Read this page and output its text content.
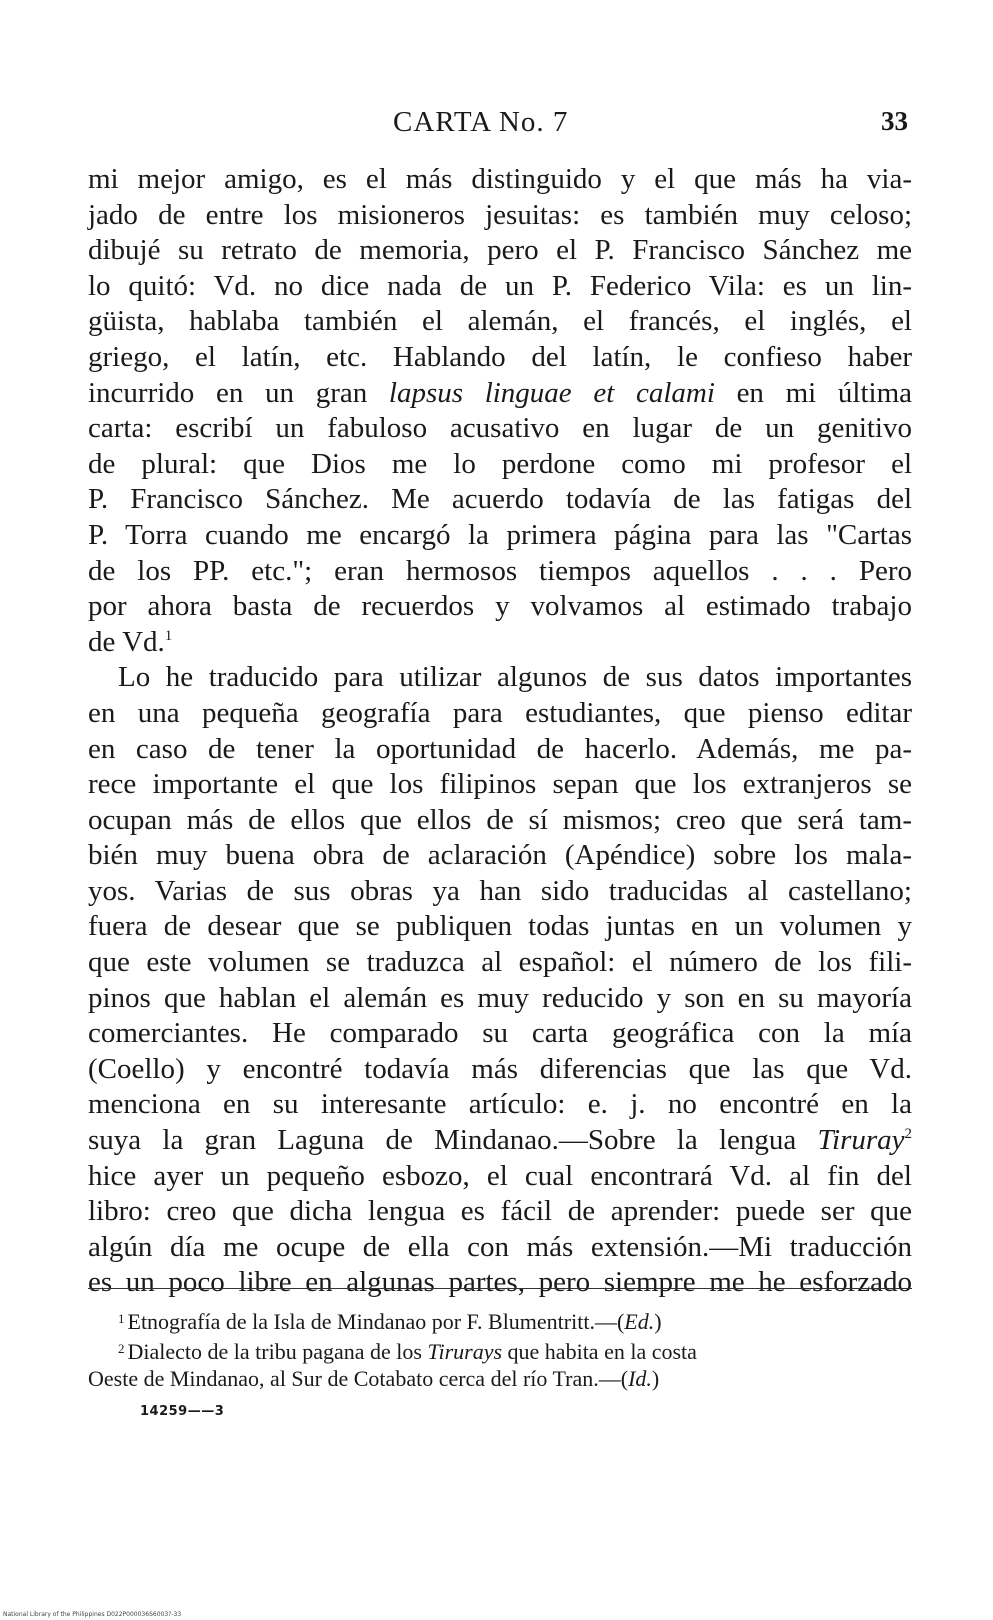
CARTA No. 7	33
mi mejor amigo, es el más distinguido y el que más ha via-
jado de entre los misioneros jesuitas: es también muy celoso;
dibujé su retrato de memoria, pero el P. Francisco Sánchez me
lo quitó: Vd. no dice nada de un P. Federico Vila: es un lin-
güista, hablaba también el alemán, el francés, el inglés, el
griego, el latín, etc. Hablando del latín, le confieso haber
incurrido en un gran lapsus linguae et calami en mi última
carta: escribí un fabuloso acusativo en lugar de un genitivo
de plural: que Dios me lo perdone como mi profesor el
P. Francisco Sánchez. Me acuerdo todavía de las fatigas del
P. Torra cuando me encargó la primera página para las "Cartas
de los PP. etc."; eran hermosos tiempos aquellos . . . Pero
por ahora basta de recuerdos y volvamos al estimado trabajo
de Vd.$^1$
Lo he traducido para utilizar algunos de sus datos importantes
en una pequeña geografía para estudiantes, que pienso editar
en caso de tener la oportunidad de hacerlo. Además, me pa-
rece importante el que los filipinos sepan que los extranjeros se
ocupan más de ellos que ellos de sí mismos; creo que será tam-
bién muy buena obra de aclaración (Apéndice) sobre los mala-
yos. Varias de sus obras ya han sido traducidas al castellano;
fuera de desear que se publiquen todas juntas en un volumen y
que este volumen se traduzca al español: el número de los fili-
pinos que hablan el alemán es muy reducido y son en su mayoría
comerciantes. He comparado su carta geográfica con la mía
(Coello) y encontré todavía más diferencias que las que Vd.
menciona en su interesante artículo: e. j. no encontré en la
suya la gran Laguna de Mindanao.—Sobre la lengua Tiruray$^2$
hice ayer un pequeño esbozo, el cual encontrará Vd. al fin del
libro: creo que dicha lengua es fácil de aprender: puede ser que
algún día me ocupe de ella con más extensión.—Mi traducción
es un poco libre en algunas partes, pero siempre me he esforzado
$^1$ Etnografía de la Isla de Mindanao por F. Blumentritt.—(Ed.)
$^2$ Dialecto de la tribu pagana de los Tirurays que habita en la costa
Oeste de Mindanao, al Sur de Cotabato cerca del río Tran.—(Id.)
14259——3
National Library of the Philippines D022P000036S6003?-33
